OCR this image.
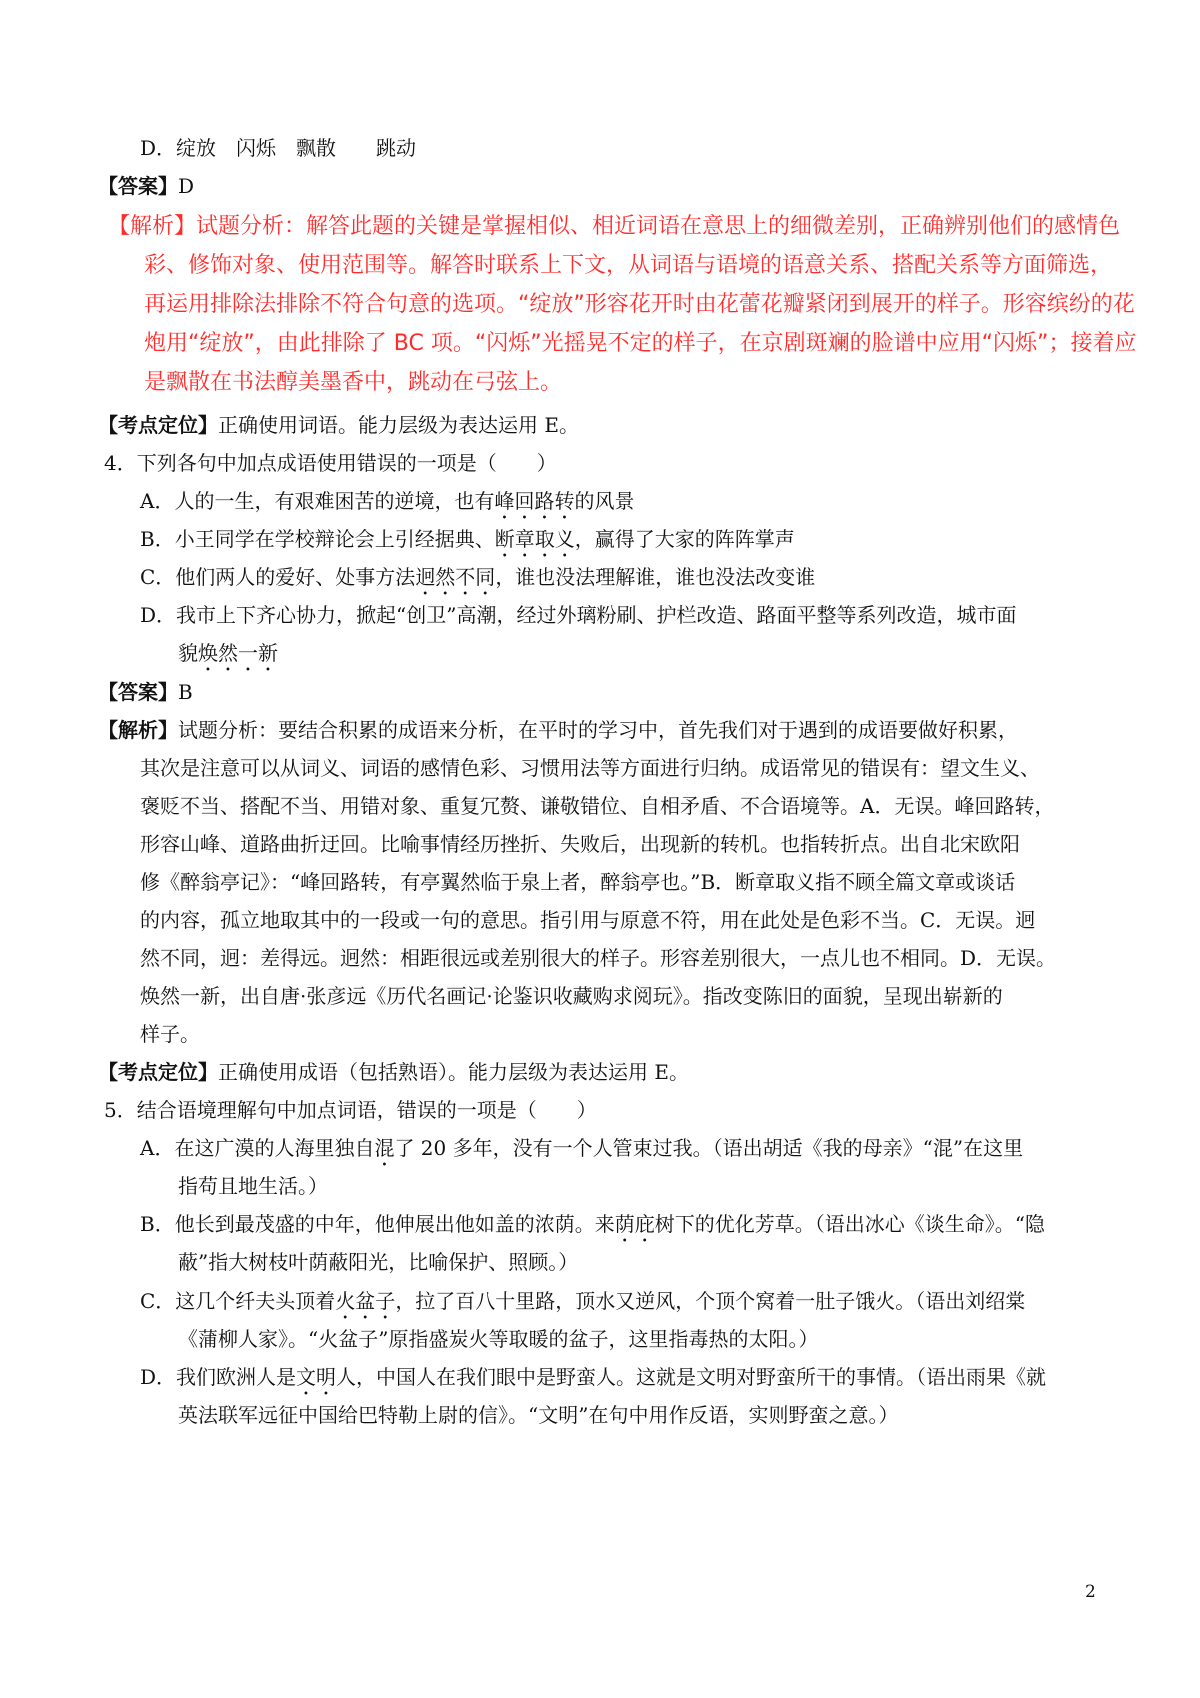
D．绽放　闪烁　飘散　　跳动
【答案】D
【解析】试题分析：解答此题的关键是掌握相似、相近词语在意思上的细微差别，正确辨别他们的感情色
彩、修饰对象、使用范围等。解答时联系上下文，从词语与语境的语意关系、搭配关系等方面筛选，
再运用排除法排除不符合句意的选项。“绽放”形容花开时由花蕾花瓣紧闭到展开的样子。形容缤纷的花
炮用“绽放”，由此排除了 BC 项。“闪烁”光摇晃不定的样子，在京剧斑斓的脸谱中应用“闪烁”；接着应
是飘散在书法醇美墨香中，跳动在弓弦上。
【考点定位】正确使用词语。能力层级为表达运用 E。
4．下列各句中加点成语使用错误的一项是（　　）
A．人的一生，有艰难困苦的逆境，也有峰回路转的风景
B．小王同学在学校辩论会上引经据典、断章取义，赢得了大家的阵阵掌声
C．他们两人的爱好、处事方法迥然不同，谁也没法理解谁，谁也没法改变谁
D．我市上下齐心协力，掀起“创卫”高潮，经过外璃粉刷、护栏改造、路面平整等系列改造，城市面
貌焕然一新
【答案】B
【解析】试题分析：要结合积累的成语来分析，在平时的学习中，首先我们对于遇到的成语要做好积累，
其次是注意可以从词义、词语的感情色彩、习惯用法等方面进行归纳。成语常见的错误有：望文生义、
褒贬不当、搭配不当、用错对象、重复冗赘、谦敬错位、自相矛盾、不合语境等。A．无误。峰回路转，
形容山峰、道路曲折迂回。比喻事情经历挫折、失败后，出现新的转机。也指转折点。出自北宋欧阳
修《醉翁亭记》：“峰回路转，有亭翼然临于泉上者，醉翁亭也。”B．断章取义指不顾全篇文章或谈话
的内容，孤立地取其中的一段或一句的意思。指引用与原意不符，用在此处是色彩不当。C．无误。迥
然不同，迥：差得远。迥然：相距很远或差别很大的样子。形容差别很大，一点儿也不相同。D．无误。
焕然一新，出自唐·张彦远《历代名画记·论鉴识收藏购求阅玩》。指改变陈旧的面貌，呈现出崭新的
样子。
【考点定位】正确使用成语（包括熟语）。能力层级为表达运用 E。
5．结合语境理解句中加点词语，错误的一项是（　　）
A．在这广漠的人海里独自混了 20 多年，没有一个人管束过我。（语出胡适《我的母亲》“混”在这里
指苟且地生活。）
B．他长到最茂盛的中年，他伸展出他如盖的浓荫。来荫庇树下的优化芳草。（语出冰心《谈生命》。“隐
蔽”指大树枝叶荫蔽阳光，比喻保护、照顾。）
C．这几个纤夫头顶着火盆子，拉了百八十里路，顶水又逆风，个顶个窝着一肚子饿火。（语出刘绍棠
《蒲柳人家》。“火盆子”原指盛炭火等取暖的盆子，这里指毒热的太阳。）
D．我们欧洲人是文明人，中国人在我们眼中是野蛮人。这就是文明对野蛮所干的事情。（语出雨果《就
英法联军远征中国给巴特勒上尉的信》。“文明”在句中用作反语，实则野蛮之意。）
2
